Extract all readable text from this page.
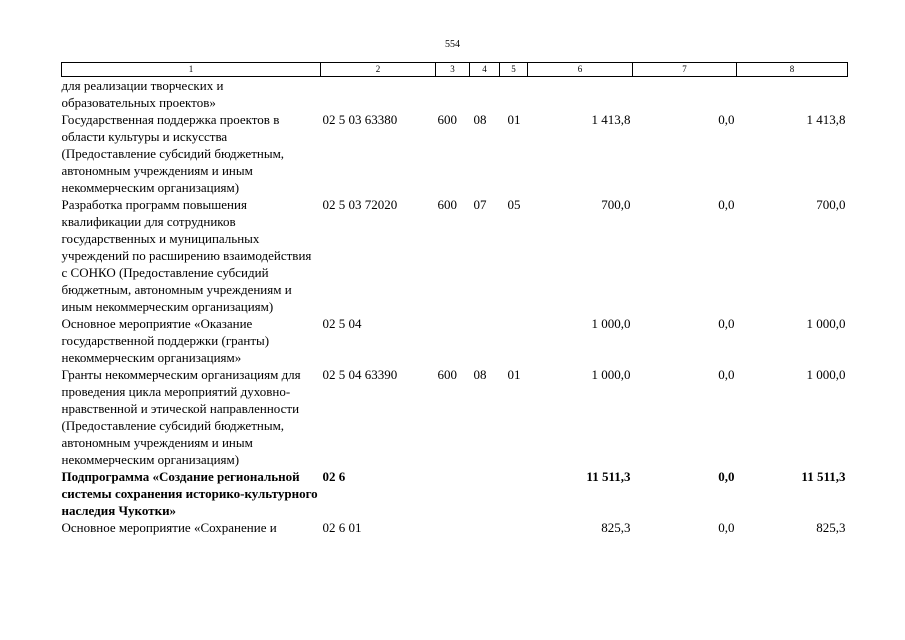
554
1	2	3	4	5	6	7	8
для реализации творческих и образовательных проектов»							
Государственная поддержка проектов в области культуры и искусства (Предоставление субсидий бюджетным, автономным учреждениям и иным некоммерческим организациям)	02 5 03 63380	600	08	01	1 413,8	0,0	1 413,8
Разработка программ повышения квалификации для сотрудников государственных и муниципальных учреждений по расширению взаимодействия с СОНКО (Предоставление субсидий бюджетным, автономным учреждениям и иным некоммерческим организациям)	02 5 03 72020	600	07	05	700,0	0,0	700,0
Основное мероприятие «Оказание государственной поддержки (гранты) некоммерческим организациям»	02 5 04				1 000,0	0,0	1 000,0
Гранты некоммерческим организациям для проведения цикла мероприятий духовно-нравственной и этической направленности (Предоставление субсидий бюджетным, автономным учреждениям и иным некоммерческим организациям)	02 5 04 63390	600	08	01	1 000,0	0,0	1 000,0
Подпрограмма «Создание региональной системы сохранения историко-культурного наследия Чукотки»	02 6				11 511,3	0,0	11 511,3
Основное мероприятие «Сохранение и	02 6 01				825,3	0,0	825,3
